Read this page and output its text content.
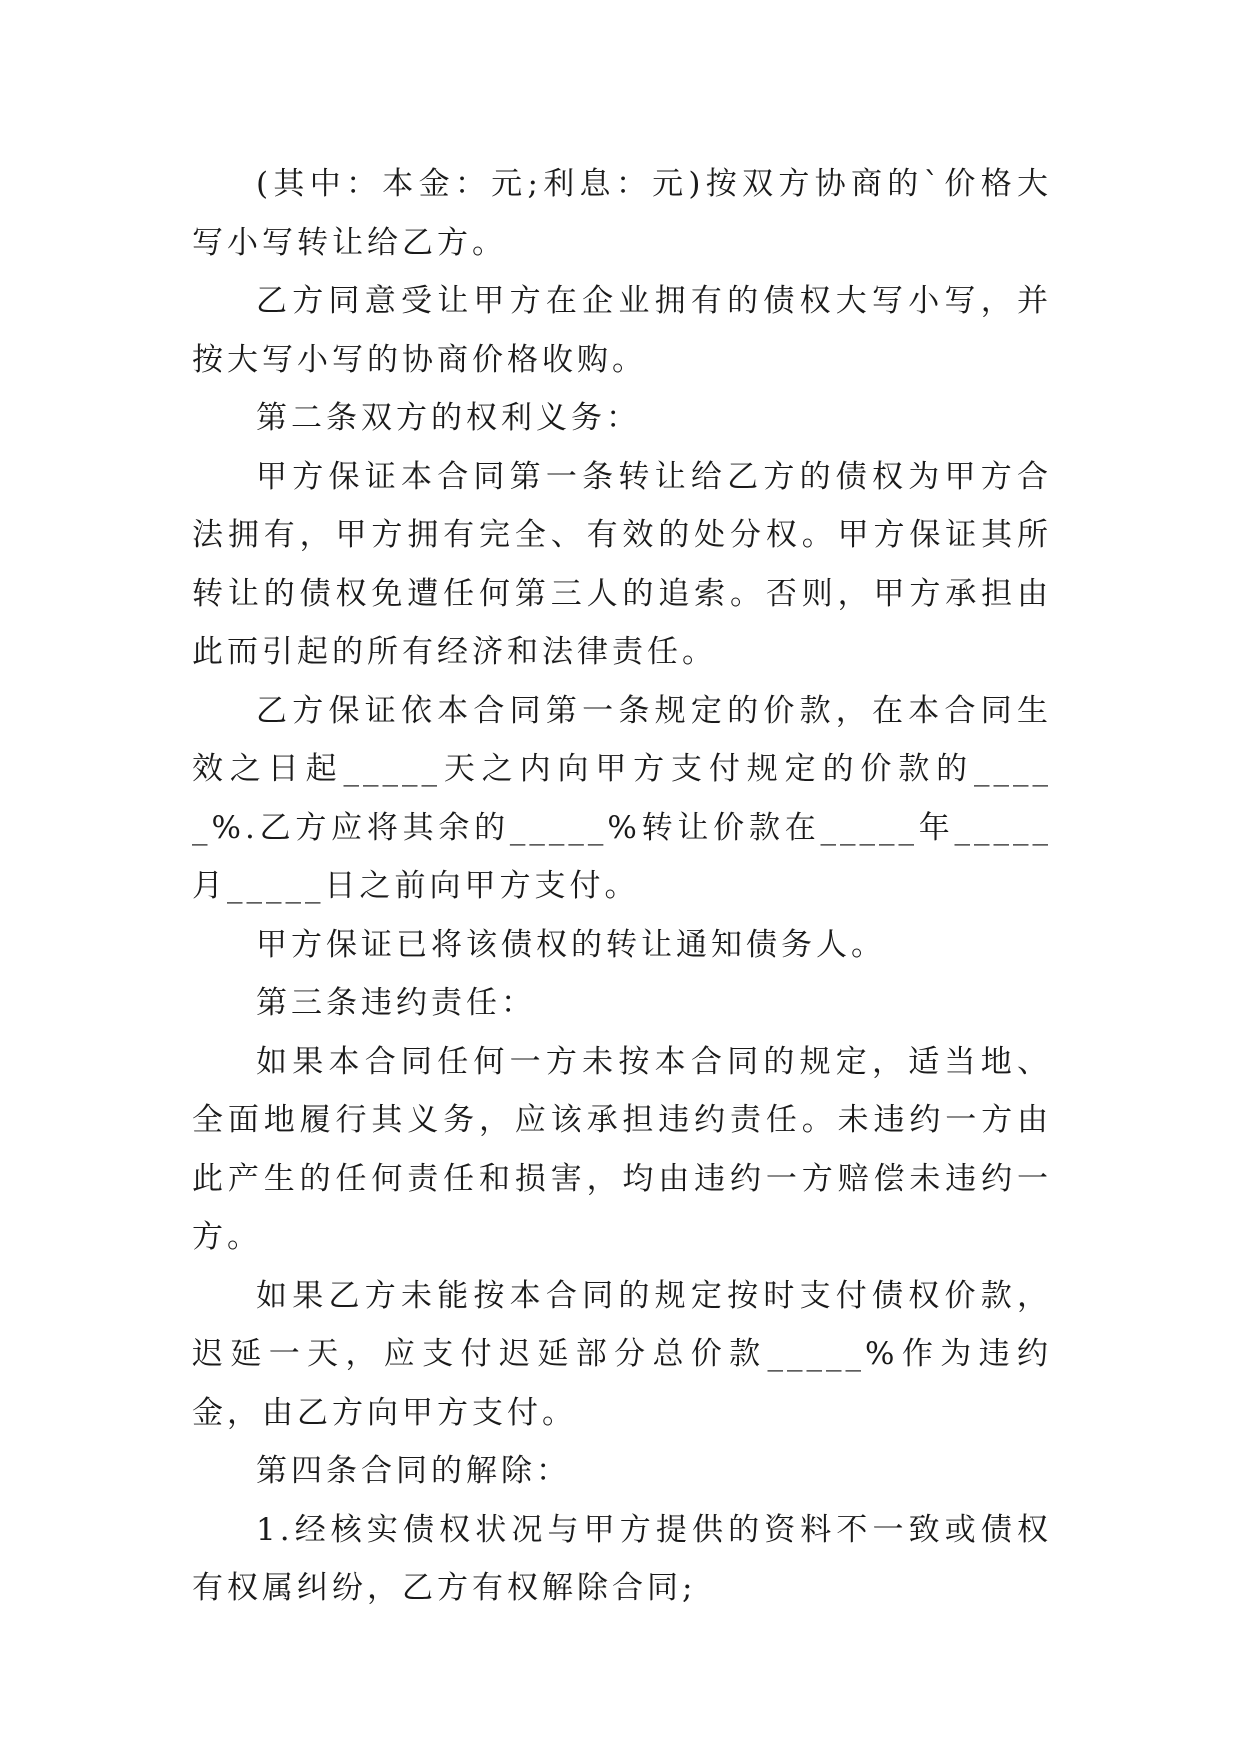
(其中：本金：元;利息：元)按双方协商的`价格大写小写转让给乙方。

乙方同意受让甲方在企业拥有的债权大写小写，并按大写小写的协商价格收购。

第二条双方的权利义务：

甲方保证本合同第一条转让给乙方的债权为甲方合法拥有，甲方拥有完全、有效的处分权。甲方保证其所转让的债权免遭任何第三人的追索。否则，甲方承担由此而引起的所有经济和法律责任。

乙方保证依本合同第一条规定的价款，在本合同生效之日起_____天之内向甲方支付规定的价款的_____%.乙方应将其余的_____%转让价款在_____年_____月_____日之前向甲方支付。

甲方保证已将该债权的转让通知债务人。

第三条违约责任：

如果本合同任何一方未按本合同的规定，适当地、全面地履行其义务，应该承担违约责任。未违约一方由此产生的任何责任和损害，均由违约一方赔偿未违约一方。

如果乙方未能按本合同的规定按时支付债权价款，迟延一天，应支付迟延部分总价款_____%作为违约金，由乙方向甲方支付。

第四条合同的解除：

1.经核实债权状况与甲方提供的资料不一致或债权有权属纠纷，乙方有权解除合同;
